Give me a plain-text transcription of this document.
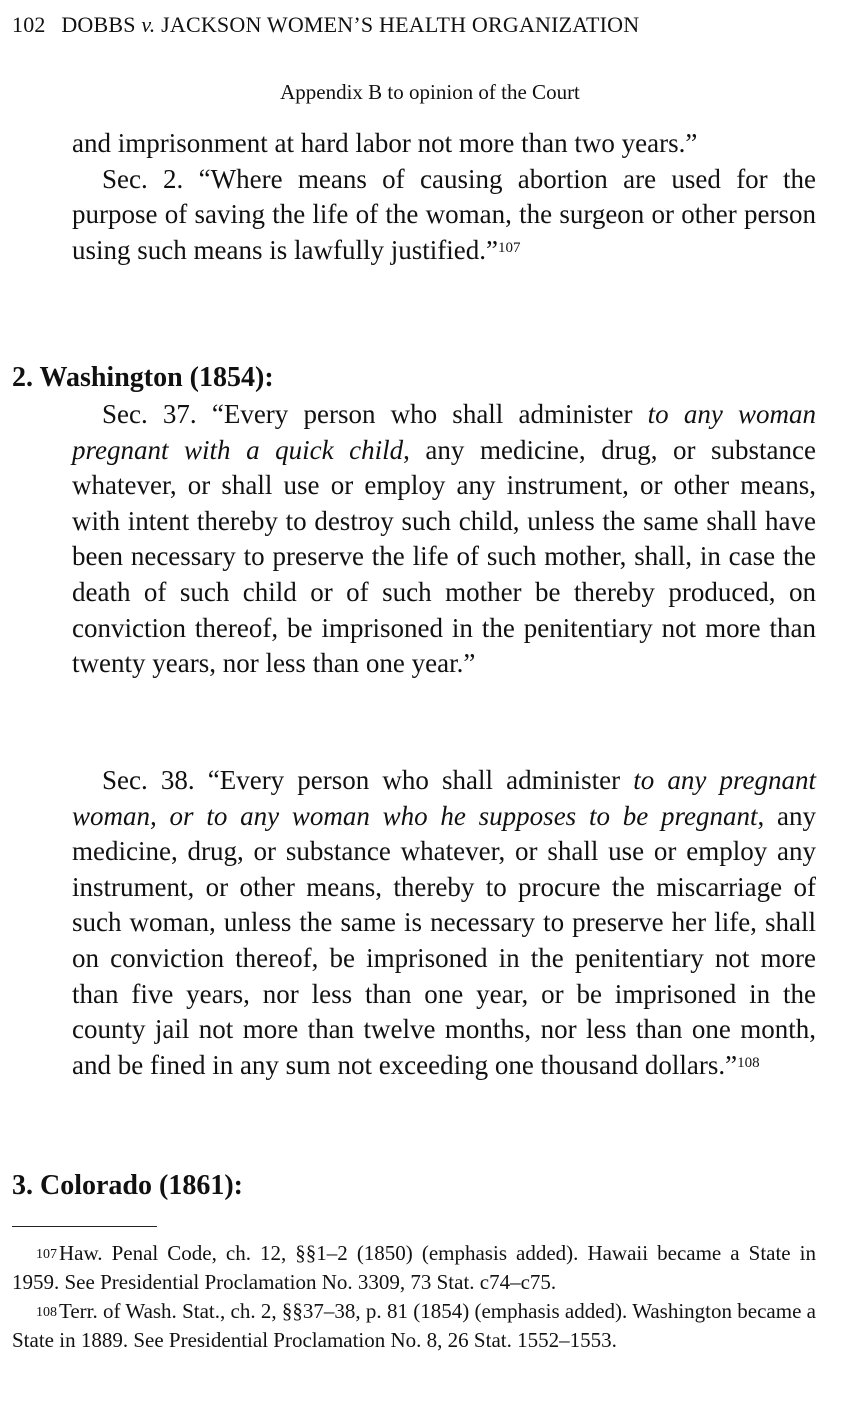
102 DOBBS v. JACKSON WOMEN’S HEALTH ORGANIZATION
Appendix B to opinion of the Court

and imprisonment at hard labor not more than two years.”

Sec. 2. “Where means of causing abortion are used for the purpose of saving the life of the woman, the surgeon or other person using such means is lawfully justified.”$^{107}$

2. Washington (1854):

Sec. 37. “Every person who shall administer to any woman pregnant with a quick child, any medicine, drug, or substance whatever, or shall use or employ any instrument, or other means, with intent thereby to destroy such child, unless the same shall have been necessary to preserve the life of such mother, shall, in case the death of such child or of such mother be thereby produced, on conviction thereof, be imprisoned in the penitentiary not more than twenty years, nor less than one year.”

Sec. 38. “Every person who shall administer to any pregnant woman, or to any woman who he supposes to be pregnant, any medicine, drug, or substance whatever, or shall use or employ any instrument, or other means, thereby to procure the miscarriage of such woman, unless the same is necessary to preserve her life, shall on conviction thereof, be imprisoned in the penitentiary not more than five years, nor less than one year, or be imprisoned in the county jail not more than twelve months, nor less than one month, and be fined in any sum not exceeding one thousand dollars.”$^{108}$

3. Colorado (1861):

$^{107}$Haw. Penal Code, ch. 12, §§1–2 (1850) (emphasis added). Hawaii became a State in 1959. See Presidential Proclamation No. 3309, 73 Stat. c74–c75.

$^{108}$Terr. of Wash. Stat., ch. 2, §§37–38, p. 81 (1854) (emphasis added). Washington became a State in 1889. See Presidential Proclamation No. 8, 26 Stat. 1552–1553.
